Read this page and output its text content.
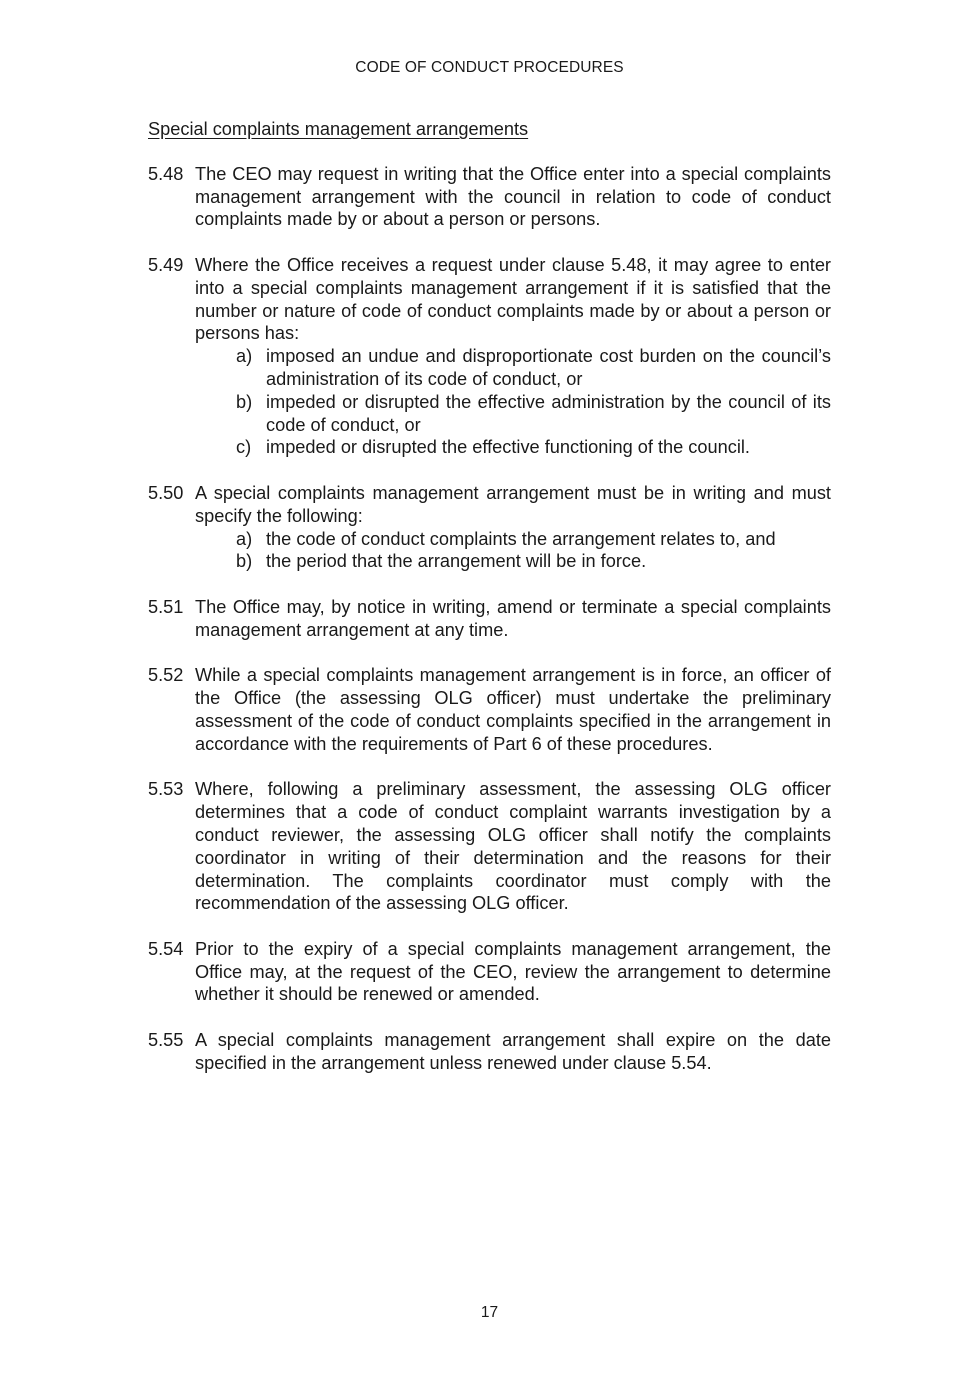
CODE OF CONDUCT PROCEDURES
Special complaints management arrangements
5.48 The CEO may request in writing that the Office enter into a special complaints management arrangement with the council in relation to code of conduct complaints made by or about a person or persons.
5.49 Where the Office receives a request under clause 5.48, it may agree to enter into a special complaints management arrangement if it is satisfied that the number or nature of code of conduct complaints made by or about a person or persons has:
a) imposed an undue and disproportionate cost burden on the council’s administration of its code of conduct, or
b) impeded or disrupted the effective administration by the council of its code of conduct, or
c) impeded or disrupted the effective functioning of the council.
5.50 A special complaints management arrangement must be in writing and must specify the following:
a) the code of conduct complaints the arrangement relates to, and
b) the period that the arrangement will be in force.
5.51 The Office may, by notice in writing, amend or terminate a special complaints management arrangement at any time.
5.52 While a special complaints management arrangement is in force, an officer of the Office (the assessing OLG officer) must undertake the preliminary assessment of the code of conduct complaints specified in the arrangement in accordance with the requirements of Part 6 of these procedures.
5.53 Where, following a preliminary assessment, the assessing OLG officer determines that a code of conduct complaint warrants investigation by a conduct reviewer, the assessing OLG officer shall notify the complaints coordinator in writing of their determination and the reasons for their determination. The complaints coordinator must comply with the recommendation of the assessing OLG officer.
5.54 Prior to the expiry of a special complaints management arrangement, the Office may, at the request of the CEO, review the arrangement to determine whether it should be renewed or amended.
5.55 A special complaints management arrangement shall expire on the date specified in the arrangement unless renewed under clause 5.54.
17
